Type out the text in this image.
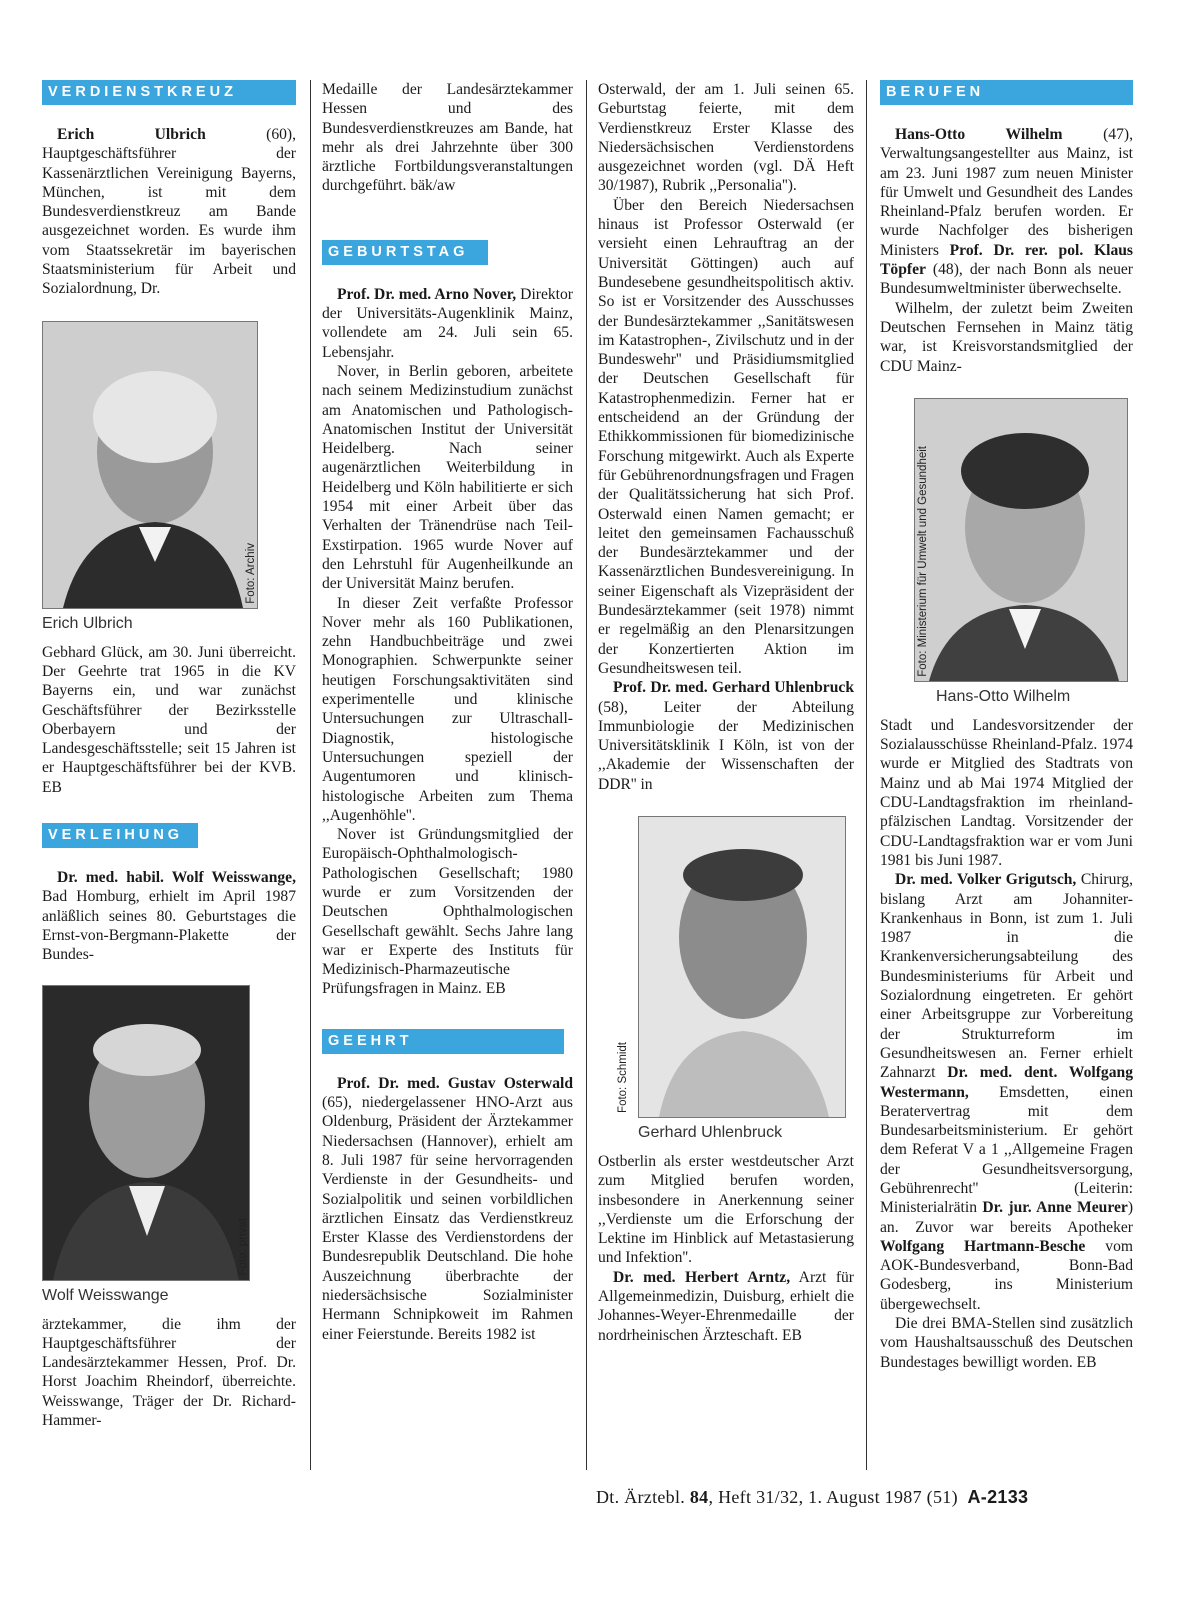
VERDIENSTKREUZ

Erich Ulbrich (60), Hauptgeschäftsführer der Kassenärztlichen Vereinigung Bayerns, München, ist mit dem Bundesverdienstkreuz am Bande ausgezeichnet worden. Es wurde ihm vom Staatssekretär im bayerischen Staatsministerium für Arbeit und Sozialordnung, Dr.

Foto: Archiv
Erich Ulbrich

Gebhard Glück, am 30. Juni überreicht. Der Geehrte trat 1965 in die KV Bayerns ein, und war zunächst Geschäftsführer der Bezirksstelle Oberbayern und der Landesgeschäftsstelle; seit 15 Jahren ist er Hauptgeschäftsführer bei der KVB. EB

VERLEIHUNG

Dr. med. habil. Wolf Weisswange, Bad Homburg, erhielt im April 1987 anläßlich seines 80. Geburtstages die Ernst-von-Bergmann-Plakette der Bundes-

Foto: privat
Wolf Weisswange

ärztekammer, die ihm der Hauptgeschäftsführer der Landesärztekammer Hessen, Prof. Dr. Horst Joachim Rheindorf, überreichte. Weisswange, Träger der Dr. Richard-Hammer-

Medaille der Landesärztekammer Hessen und des Bundesverdienstkreuzes am Bande, hat mehr als drei Jahrzehnte über 300 ärztliche Fortbildungsveranstaltungen durchgeführt. bäk/aw

GEBURTSTAG

Prof. Dr. med. Arno Nover, Direktor der Universitäts-Augenklinik Mainz, vollendete am 24. Juli sein 65. Lebensjahr.

Nover, in Berlin geboren, arbeitete nach seinem Medizinstudium zunächst am Anatomischen und Pathologisch-Anatomischen Institut der Universität Heidelberg. Nach seiner augenärztlichen Weiterbildung in Heidelberg und Köln habilitierte er sich 1954 mit einer Arbeit über das Verhalten der Tränendrüse nach Teil-Exstirpation. 1965 wurde Nover auf den Lehrstuhl für Augenheilkunde an der Universität Mainz berufen.

In dieser Zeit verfaßte Professor Nover mehr als 160 Publikationen, zehn Handbuchbeiträge und zwei Monographien. Schwerpunkte seiner heutigen Forschungsaktivitäten sind experimentelle und klinische Untersuchungen zur Ultraschall-Diagnostik, histologische Untersuchungen speziell der Augentumoren und klinisch-histologische Arbeiten zum Thema ,,Augenhöhle''.

Nover ist Gründungsmitglied der Europäisch-Ophthalmologisch-Pathologischen Gesellschaft; 1980 wurde er zum Vorsitzenden der Deutschen Ophthalmologischen Gesellschaft gewählt. Sechs Jahre lang war er Experte des Instituts für Medizinisch-Pharmazeutische Prüfungsfragen in Mainz. EB

GEEHRT

Prof. Dr. med. Gustav Osterwald (65), niedergelassener HNO-Arzt aus Oldenburg, Präsident der Ärztekammer Niedersachsen (Hannover), erhielt am 8. Juli 1987 für seine hervorragenden Verdienste in der Gesundheits- und Sozialpolitik und seinen vorbildlichen ärztlichen Einsatz das Verdienstkreuz Erster Klasse des Verdienstordens der Bundesrepublik Deutschland. Die hohe Auszeichnung überbrachte der niedersächsische Sozialminister Hermann Schnipkoweit im Rahmen einer Feierstunde. Bereits 1982 ist

Osterwald, der am 1. Juli seinen 65. Geburtstag feierte, mit dem Verdienstkreuz Erster Klasse des Niedersächsischen Verdienstordens ausgezeichnet worden (vgl. DÄ Heft 30/1987), Rubrik ,,Personalia'').

Über den Bereich Niedersachsen hinaus ist Professor Osterwald (er versieht einen Lehrauftrag an der Universität Göttingen) auch auf Bundesebene gesundheitspolitisch aktiv. So ist er Vorsitzender des Ausschusses der Bundesärztekammer ,,Sanitätswesen im Katastrophen-, Zivilschutz und in der Bundeswehr'' und Präsidiumsmitglied der Deutschen Gesellschaft für Katastrophenmedizin. Ferner hat er entscheidend an der Gründung der Ethikkommissionen für biomedizinische Forschung mitgewirkt. Auch als Experte für Gebührenordnungsfragen und Fragen der Qualitätssicherung hat sich Prof. Osterwald einen Namen gemacht; er leitet den gemeinsamen Fachausschuß der Bundesärztekammer und der Kassenärztlichen Bundesvereinigung. In seiner Eigenschaft als Vizepräsident der Bundesärztekammer (seit 1978) nimmt er regelmäßig an den Plenarsitzungen der Konzertierten Aktion im Gesundheitswesen teil.

Prof. Dr. med. Gerhard Uhlenbruck (58), Leiter der Abteilung Immunbiologie der Medizinischen Universitätsklinik I Köln, ist von der ,,Akademie der Wissenschaften der DDR'' in

Foto: Schmidt
Gerhard Uhlenbruck

Ostberlin als erster westdeutscher Arzt zum Mitglied berufen worden, insbesondere in Anerkennung seiner ,,Verdienste um die Erforschung der Lektine im Hinblick auf Metastasierung und Infektion''.

Dr. med. Herbert Arntz, Arzt für Allgemeinmedizin, Duisburg, erhielt die Johannes-Weyer-Ehrenmedaille der nordrheinischen Ärzteschaft. EB

BERUFEN

Hans-Otto Wilhelm (47), Verwaltungsangestellter aus Mainz, ist am 23. Juni 1987 zum neuen Minister für Umwelt und Gesundheit des Landes Rheinland-Pfalz berufen worden. Er wurde Nachfolger des bisherigen Ministers Prof. Dr. rer. pol. Klaus Töpfer (48), der nach Bonn als neuer Bundesumweltminister überwechselte.

Wilhelm, der zuletzt beim Zweiten Deutschen Fernsehen in Mainz tätig war, ist Kreisvorstandsmitglied der CDU Mainz-

Foto: Ministerium für Umwelt und Gesundheit
Hans-Otto Wilhelm

Stadt und Landesvorsitzender der Sozialausschüsse Rheinland-Pfalz. 1974 wurde er Mitglied des Stadtrats von Mainz und ab Mai 1974 Mitglied der CDU-Landtagsfraktion im rheinland-pfälzischen Landtag. Vorsitzender der CDU-Landtagsfraktion war er vom Juni 1981 bis Juni 1987.

Dr. med. Volker Grigutsch, Chirurg, bislang Arzt am Johanniter-Krankenhaus in Bonn, ist zum 1. Juli 1987 in die Krankenversicherungsabteilung des Bundesministeriums für Arbeit und Sozialordnung eingetreten. Er gehört einer Arbeitsgruppe zur Vorbereitung der Strukturreform im Gesundheitswesen an. Ferner erhielt Zahnarzt Dr. med. dent. Wolfgang Westermann, Emsdetten, einen Beratervertrag mit dem Bundesarbeitsministerium. Er gehört dem Referat V a 1 ,,Allgemeine Fragen der Gesundheitsversorgung, Gebührenrecht'' (Leiterin: Ministerialrätin Dr. jur. Anne Meurer) an. Zuvor war bereits Apotheker Wolfgang Hartmann-Besche vom AOK-Bundesverband, Bonn-Bad Godesberg, ins Ministerium übergewechselt.

Die drei BMA-Stellen sind zusätzlich vom Haushaltsausschuß des Deutschen Bundestages bewilligt worden. EB

Dt. Ärztebl. 84, Heft 31/32, 1. August 1987 (51) A-2133
